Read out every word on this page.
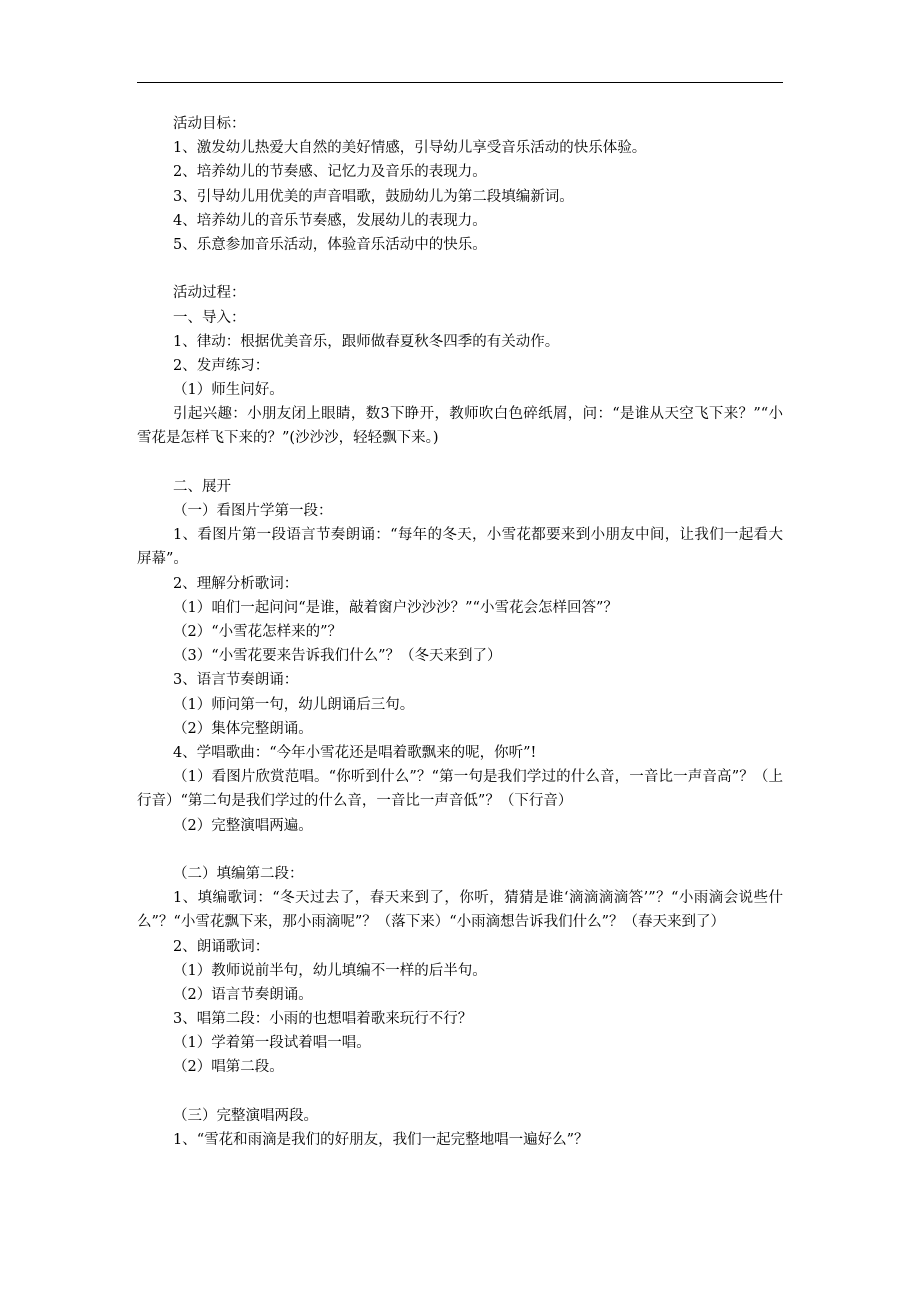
活动目标：
1、激发幼儿热爱大自然的美好情感，引导幼儿享受音乐活动的快乐体验。
2、培养幼儿的节奏感、记忆力及音乐的表现力。
3、引导幼儿用优美的声音唱歌，鼓励幼儿为第二段填编新词。
4、培养幼儿的音乐节奏感，发展幼儿的表现力。
5、乐意参加音乐活动，体验音乐活动中的快乐。
活动过程：
一、导入：
1、律动：根据优美音乐，跟师做春夏秋冬四季的有关动作。
2、发声练习：
（1）师生问好。
引起兴趣：小朋友闭上眼睛，数3下睁开，教师吹白色碎纸屑，问：“是谁从天空飞下来？”“小雪花是怎样飞下来的？”(沙沙沙，轻轻飘下来。)
二、展开
（一）看图片学第一段：
1、看图片第一段语言节奏朗诵：“每年的冬天，小雪花都要来到小朋友中间，让我们一起看大屏幕”。
2、理解分析歌词：
（1）咱们一起问问“是谁，敲着窗户沙沙沙？”“小雪花会怎样回答”？
（2）“小雪花怎样来的”？
（3）“小雪花要来告诉我们什么”？（冬天来到了）
3、语言节奏朗诵：
（1）师问第一句，幼儿朗诵后三句。
（2）集体完整朗诵。
4、学唱歌曲：“今年小雪花还是唱着歌飘来的呢，你听”!
（1）看图片欣赏范唱。“你听到什么”？“第一句是我们学过的什么音，一音比一声音高”？（上行音）“第二句是我们学过的什么音，一音比一声音低”？（下行音）
（2）完整演唱两遍。
（二）填编第二段：
1、填编歌词：“冬天过去了，春天来到了，你听，猜猜是谁‘滴滴滴滴答’”？“小雨滴会说些什么”？“小雪花飘下来，那小雨滴呢”？（落下来）“小雨滴想告诉我们什么”？（春天来到了）
2、朗诵歌词：
（1）教师说前半句，幼儿填编不一样的后半句。
（2）语言节奏朗诵。
3、唱第二段：小雨的也想唱着歌来玩行不行？
（1）学着第一段试着唱一唱。
（2）唱第二段。
（三）完整演唱两段。
1、“雪花和雨滴是我们的好朋友，我们一起完整地唱一遍好么”？
